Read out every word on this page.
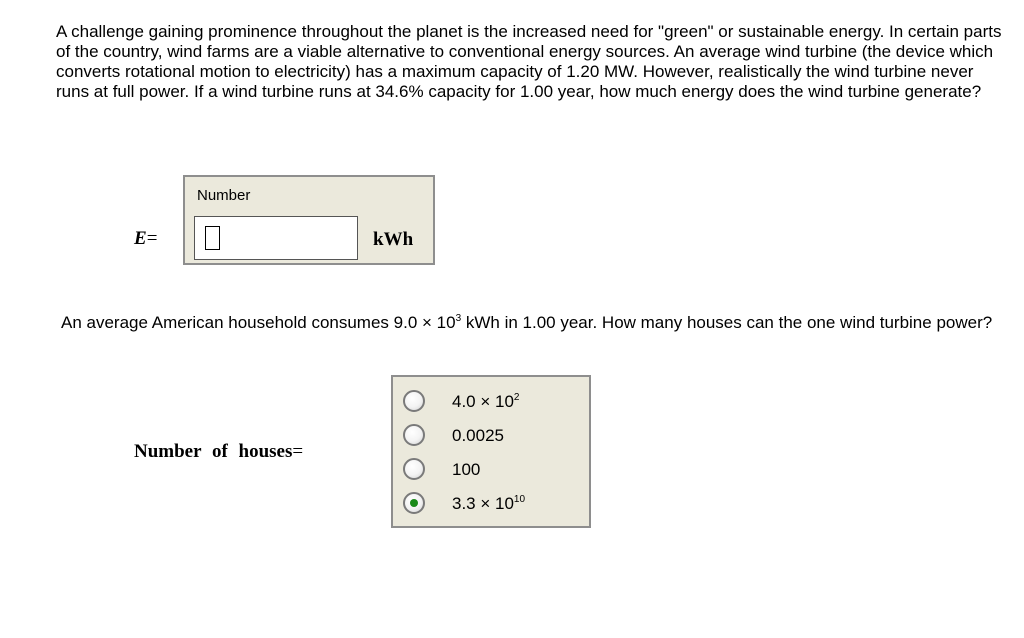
A challenge gaining prominence throughout the planet is the increased need for "green" or sustainable energy. In certain parts of the country, wind farms are a viable alternative to conventional energy sources. An average wind turbine (the device which converts rotational motion to electricity) has a maximum capacity of 1.20 MW. However, realistically the wind turbine never runs at full power. If a wind turbine runs at 34.6% capacity for 1.00 year, how much energy does the wind turbine generate?

E=
Number
kWh

An average American household consumes $9.0 \times 10^3$ kWh in 1.00 year. How many houses can the one wind turbine power?

Number of houses=
$4.0 \times 10^2$
0.0025
100
$3.3 \times 10^{10}$
